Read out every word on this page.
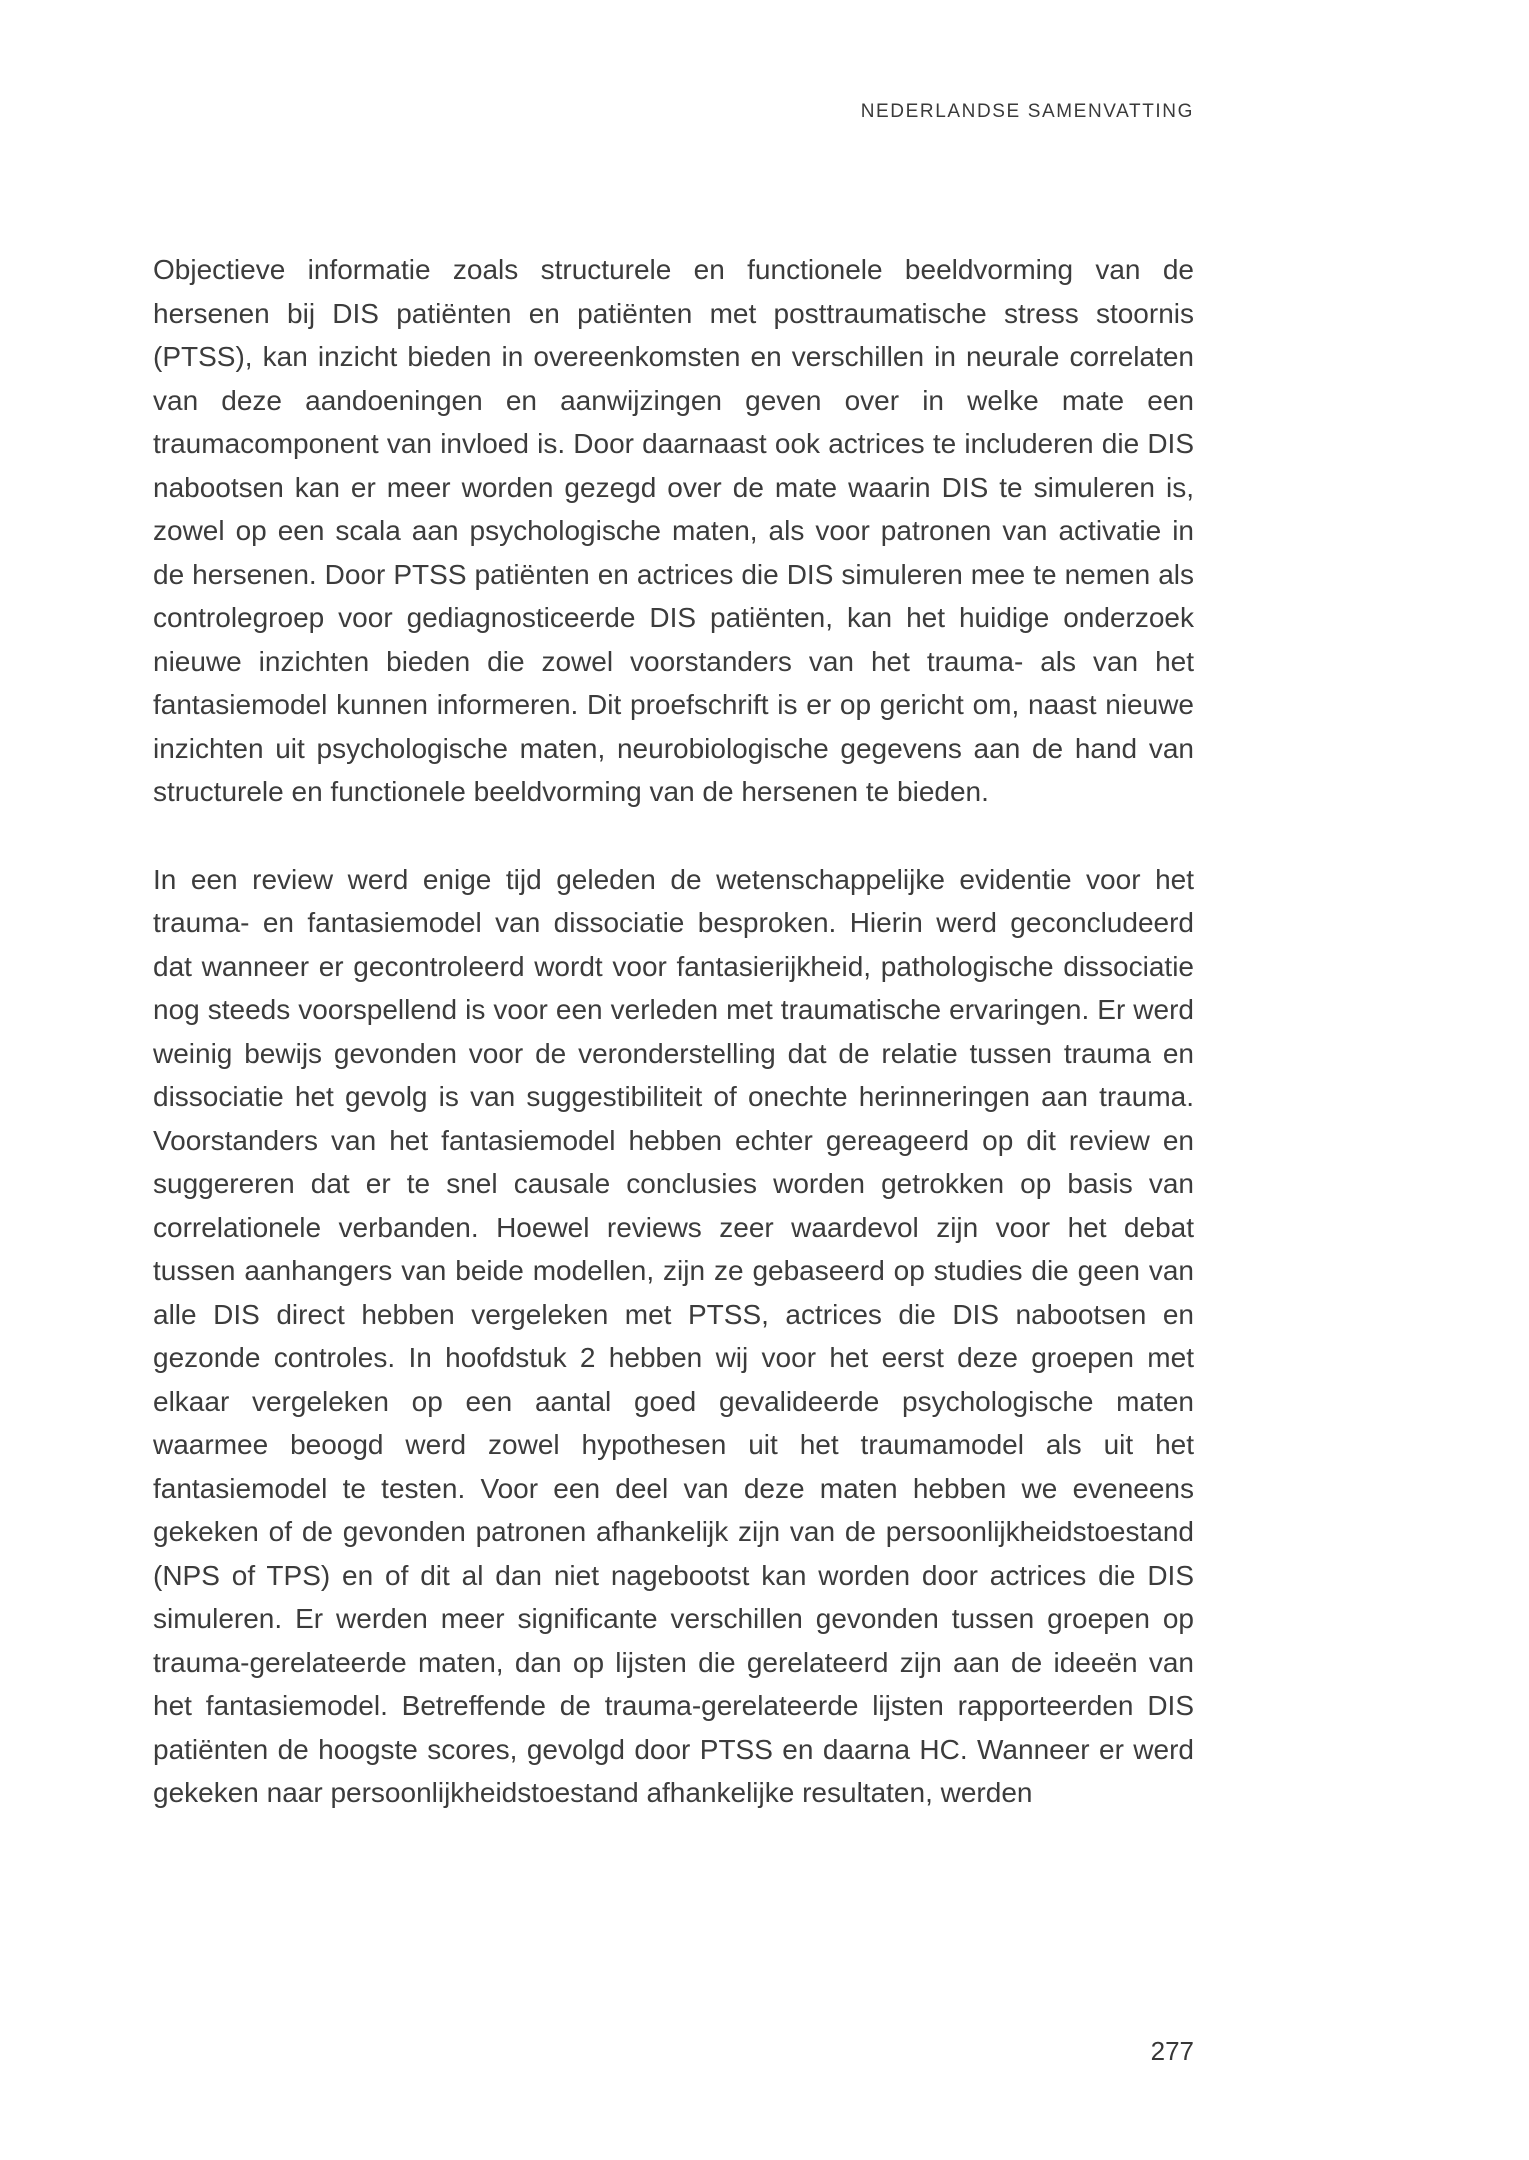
NEDERLANDSE SAMENVATTING

Objectieve informatie zoals structurele en functionele beeldvorming van de hersenen bij DIS patiënten en patiënten met posttraumatische stress stoornis (PTSS), kan inzicht bieden in overeenkomsten en verschillen in neurale correlaten van deze aandoeningen en aanwijzingen geven over in welke mate een traumacomponent van invloed is. Door daarnaast ook actrices te includeren die DIS nabootsen kan er meer worden gezegd over de mate waarin DIS te simuleren is, zowel op een scala aan psychologische maten, als voor patronen van activatie in de hersenen. Door PTSS patiënten en actrices die DIS simuleren mee te nemen als controlegroep voor gediagnosticeerde DIS patiënten, kan het huidige onderzoek nieuwe inzichten bieden die zowel voorstanders van het trauma- als van het fantasiemodel kunnen informeren. Dit proefschrift is er op gericht om, naast nieuwe inzichten uit psychologische maten, neurobiologische gegevens aan de hand van structurele en functionele beeldvorming van de hersenen te bieden.

In een review werd enige tijd geleden de wetenschappelijke evidentie voor het trauma- en fantasiemodel van dissociatie besproken. Hierin werd geconcludeerd dat wanneer er gecontroleerd wordt voor fantasierijkheid, pathologische dissociatie nog steeds voorspellend is voor een verleden met traumatische ervaringen. Er werd weinig bewijs gevonden voor de veronderstelling dat de relatie tussen trauma en dissociatie het gevolg is van suggestibiliteit of onechte herinneringen aan trauma. Voorstanders van het fantasiemodel hebben echter gereageerd op dit review en suggereren dat er te snel causale conclusies worden getrokken op basis van correlationele verbanden. Hoewel reviews zeer waardevol zijn voor het debat tussen aanhangers van beide modellen, zijn ze gebaseerd op studies die geen van alle DIS direct hebben vergeleken met PTSS, actrices die DIS nabootsen en gezonde controles. In hoofdstuk 2 hebben wij voor het eerst deze groepen met elkaar vergeleken op een aantal goed gevalideerde psychologische maten waarmee beoogd werd zowel hypothesen uit het traumamodel als uit het fantasiemodel te testen. Voor een deel van deze maten hebben we eveneens gekeken of de gevonden patronen afhankelijk zijn van de persoonlijkheidstoestand (NPS of TPS) en of dit al dan niet nagebootst kan worden door actrices die DIS simuleren. Er werden meer significante verschillen gevonden tussen groepen op trauma-gerelateerde maten, dan op lijsten die gerelateerd zijn aan de ideeën van het fantasiemodel. Betreffende de trauma-gerelateerde lijsten rapporteerden DIS patiënten de hoogste scores, gevolgd door PTSS en daarna HC. Wanneer er werd gekeken naar persoonlijkheidstoestand afhankelijke resultaten, werden

277
